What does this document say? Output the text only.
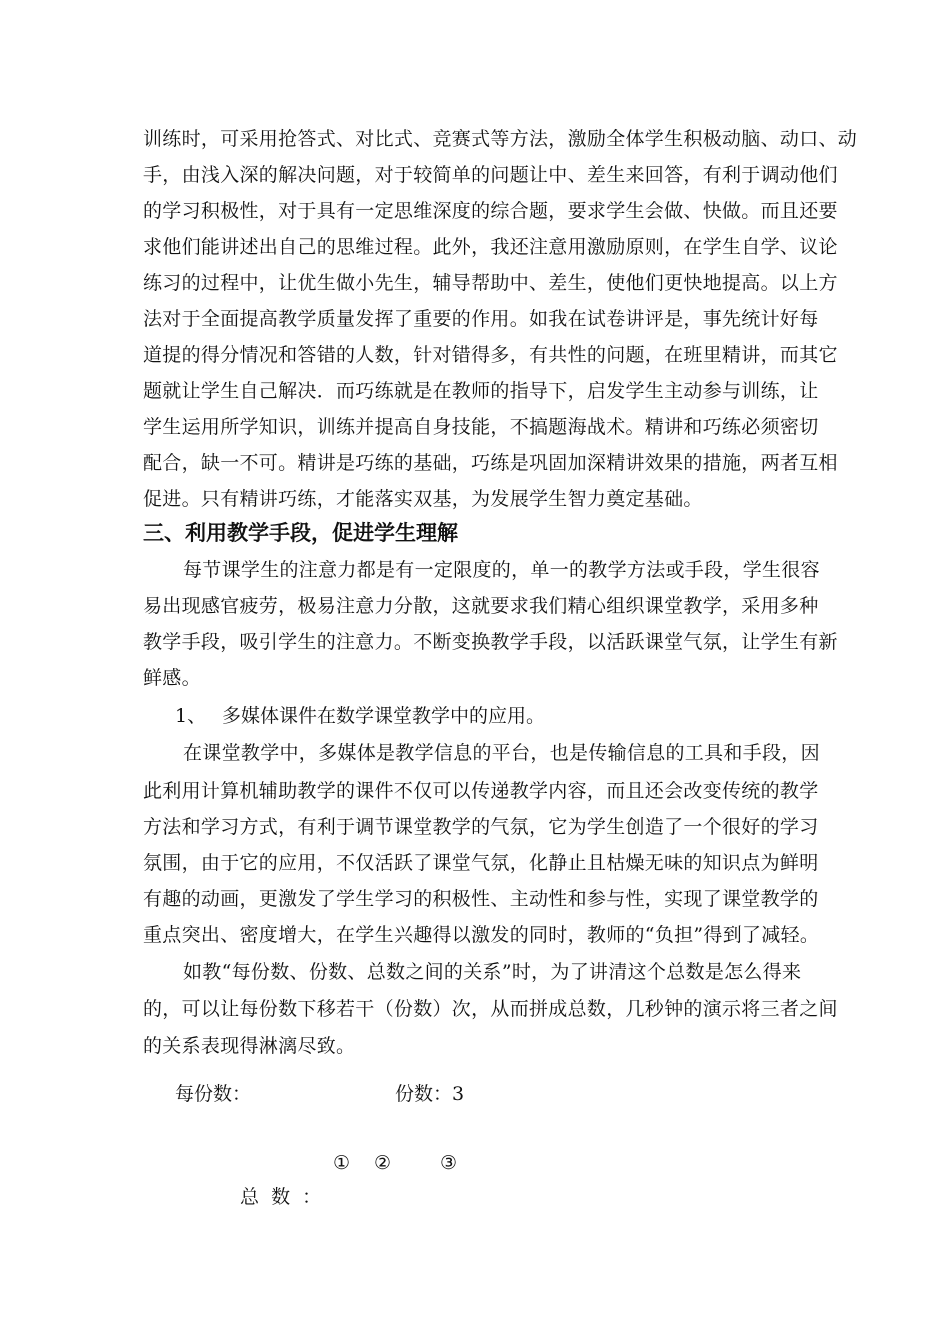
训练时，可采用抢答式、对比式、竞赛式等方法，激励全体学生积极动脑、动口、动
手，由浅入深的解决问题，对于较简单的问题让中、差生来回答，有利于调动他们
的学习积极性，对于具有一定思维深度的综合题，要求学生会做、快做。而且还要
求他们能讲述出自己的思维过程。此外，我还注意用激励原则，在学生自学、议论
练习的过程中，让优生做小先生，辅导帮助中、差生，使他们更快地提高。以上方
法对于全面提高教学质量发挥了重要的作用。如我在试卷讲评是，事先统计好每
道提的得分情况和答错的人数，针对错得多，有共性的问题，在班里精讲，而其它
题就让学生自己解决．而巧练就是在教师的指导下，启发学生主动参与训练，让
学生运用所学知识，训练并提高自身技能，不搞题海战术。精讲和巧练必须密切
配合，缺一不可。精讲是巧练的基础，巧练是巩固加深精讲效果的措施，两者互相
促进。只有精讲巧练，才能落实双基，为发展学生智力奠定基础。
三、利用教学手段，促进学生理解
每节课学生的注意力都是有一定限度的，单一的教学方法或手段，学生很容
易出现感官疲劳，极易注意力分散，这就要求我们精心组织课堂教学，采用多种
教学手段，吸引学生的注意力。不断变换教学手段，以活跃课堂气氛，让学生有新
鲜感。
1、 多媒体课件在数学课堂教学中的应用。
在课堂教学中，多媒体是教学信息的平台，也是传输信息的工具和手段，因
此利用计算机辅助教学的课件不仅可以传递教学内容，而且还会改变传统的教学
方法和学习方式，有利于调节课堂教学的气氛，它为学生创造了一个很好的学习
氛围，由于它的应用，不仅活跃了课堂气氛，化静止且枯燥无味的知识点为鲜明
有趣的动画，更激发了学生学习的积极性、主动性和参与性，实现了课堂教学的
重点突出、密度增大，在学生兴趣得以激发的同时，教师的“负担”得到了减轻。
如教“每份数、份数、总数之间的关系”时，为了讲清这个总数是怎么得来
的，可以让每份数下移若干（份数）次，从而拼成总数，几秒钟的演示将三者之间
的关系表现得淋漓尽致。
每份数：	份数：3
① ②	③
总  数  ：
